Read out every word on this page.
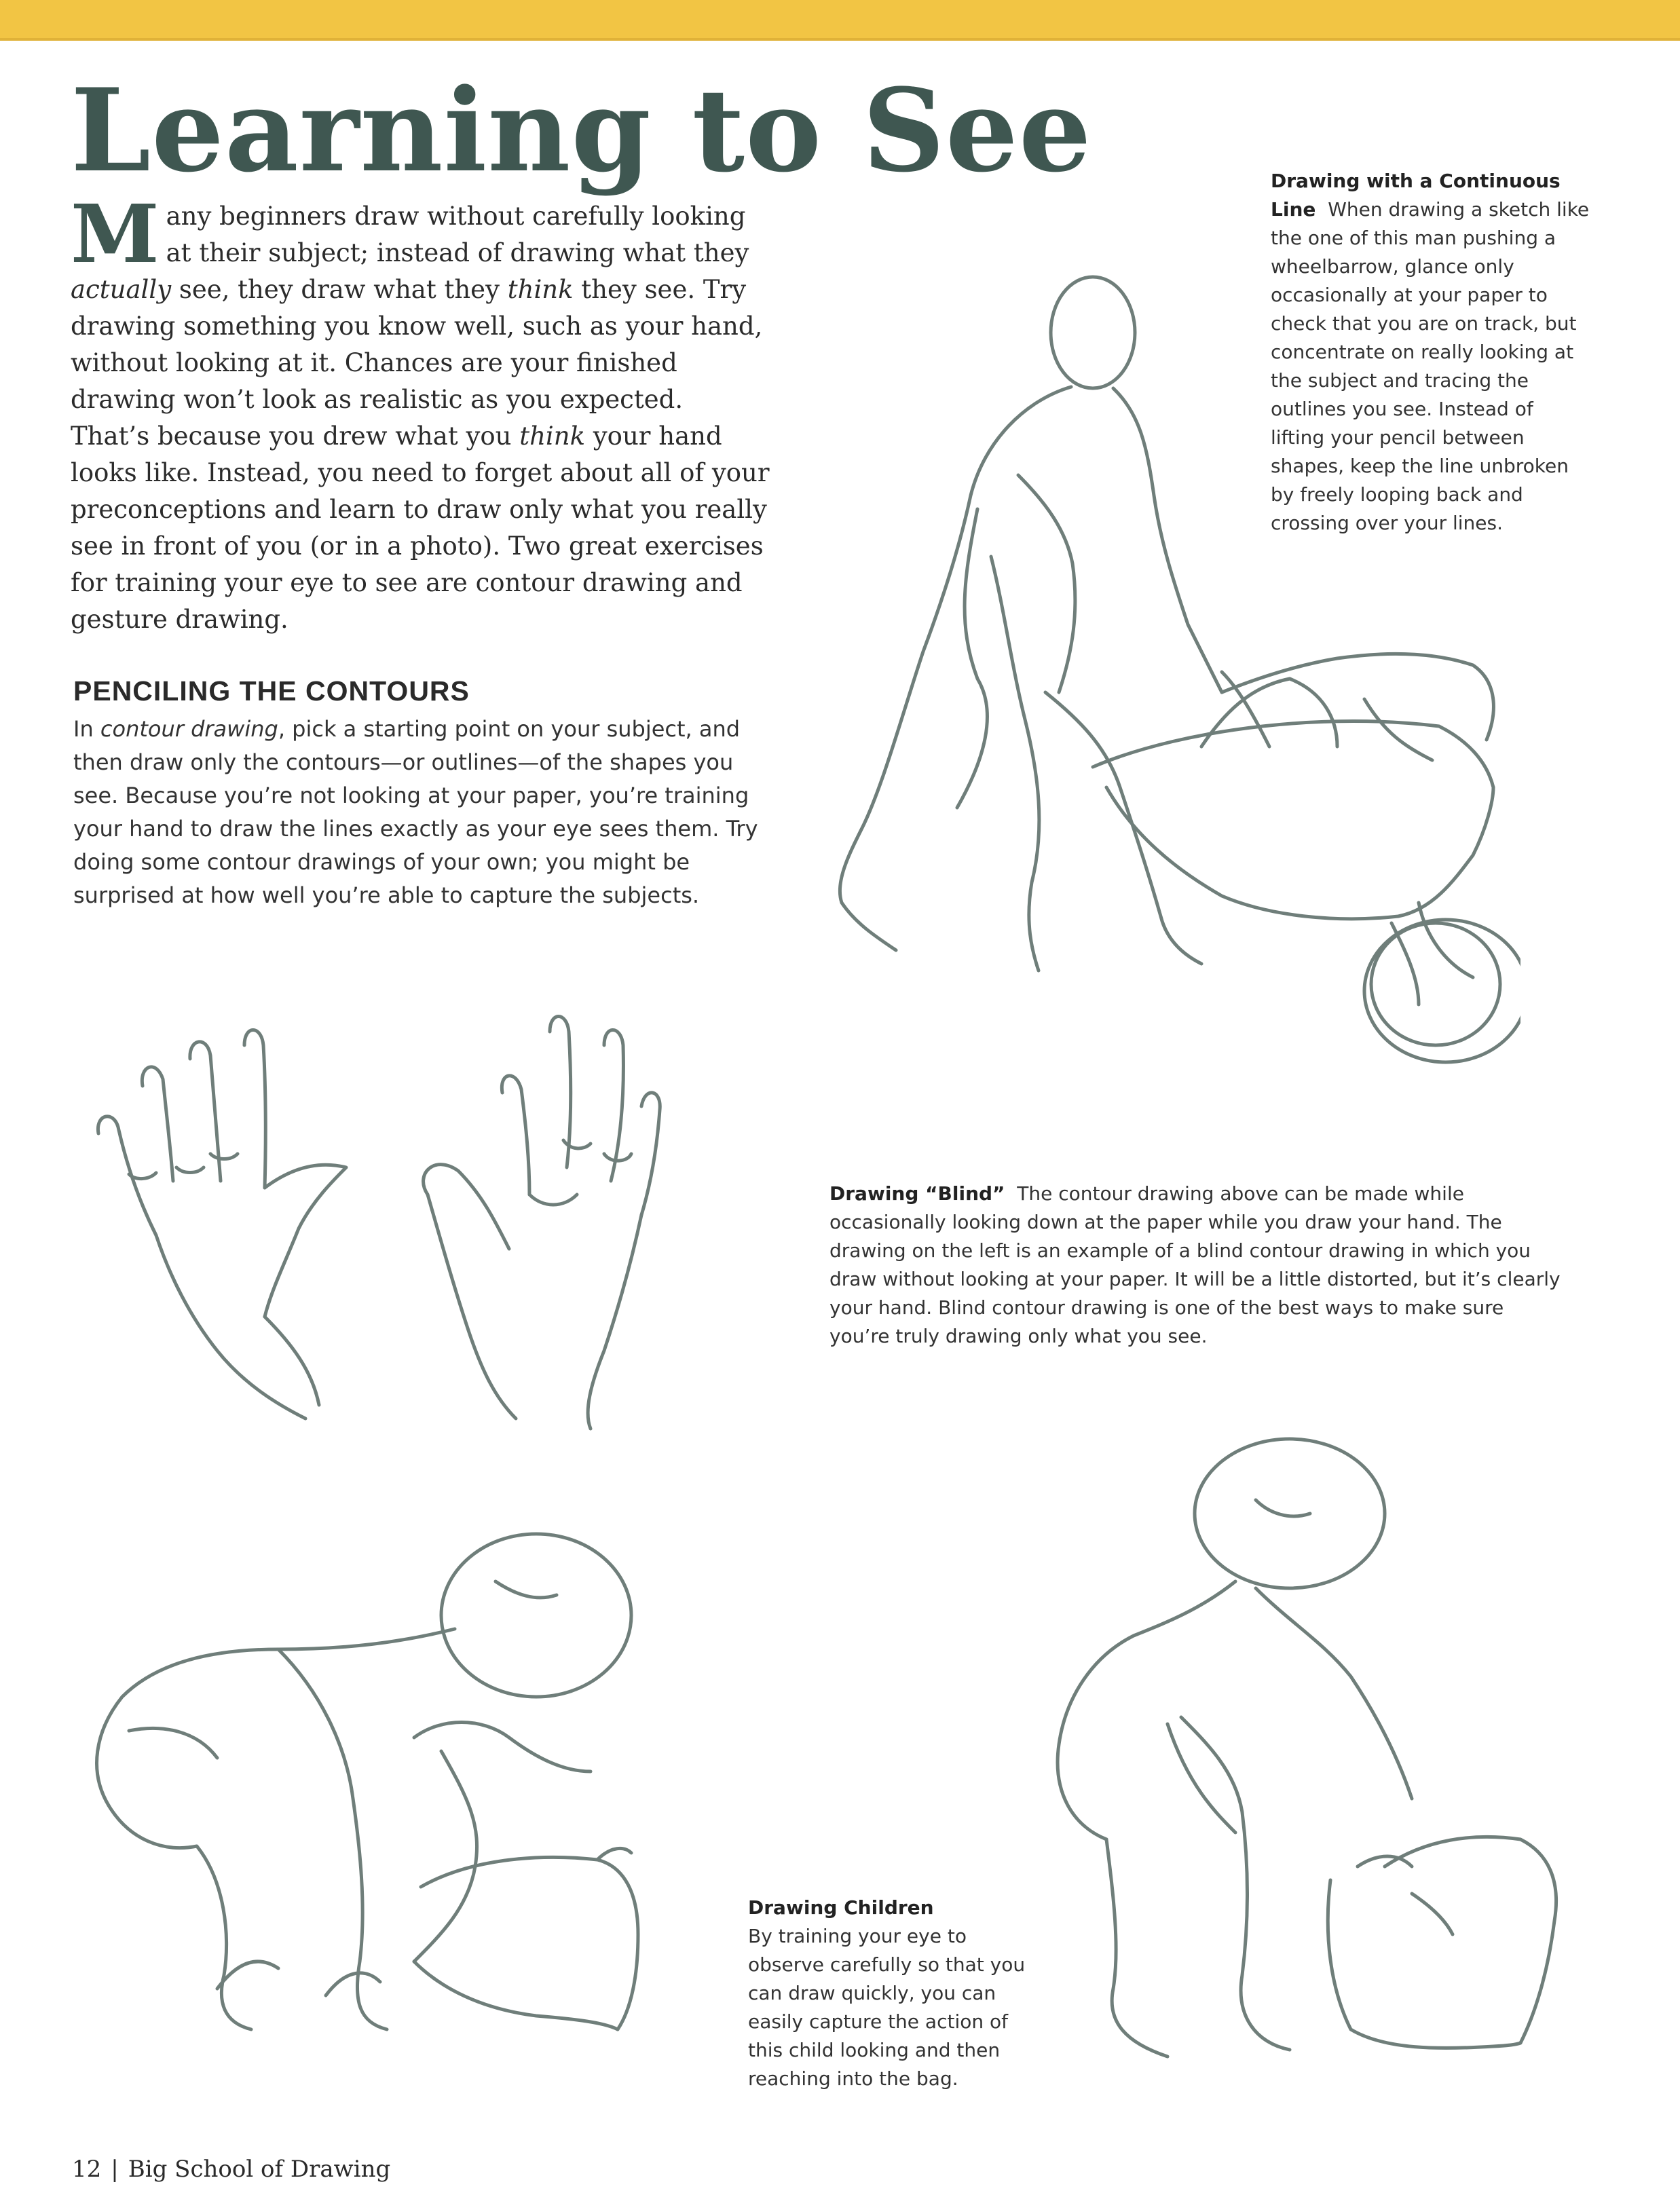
Learning to See

Many beginners draw without carefully looking at their subject; instead of drawing what they actually see, they draw what they think they see. Try drawing something you know well, such as your hand, without looking at it. Chances are your finished drawing won’t look as realistic as you expected. That’s because you drew what you think your hand looks like. Instead, you need to forget about all of your preconceptions and learn to draw only what you really see in front of you (or in a photo). Two great exercises for training your eye to see are contour drawing and gesture drawing.

PENCILING THE CONTOURS

In contour drawing, pick a starting point on your subject, and then draw only the contours—or outlines—of the shapes you see. Because you’re not looking at your paper, you’re training your hand to draw the lines exactly as your eye sees them. Try doing some contour drawings of your own; you might be surprised at how well you’re able to capture the subjects.

Drawing with a Continuous Line When drawing a sketch like the one of this man pushing a wheelbarrow, glance only occasionally at your paper to check that you are on track, but concentrate on really looking at the subject and tracing the outlines you see. Instead of lifting your pencil between shapes, keep the line unbroken by freely looping back and crossing over your lines.

Drawing “Blind” The contour drawing above can be made while occasionally looking down at the paper while you draw your hand. The drawing on the left is an example of a blind contour drawing in which you draw without looking at your paper. It will be a little distorted, but it’s clearly your hand. Blind contour drawing is one of the best ways to make sure you’re truly drawing only what you see.

Drawing Children
By training your eye to observe carefully so that you can draw quickly, you can easily capture the action of this child looking and then reaching into the bag.

12 | Big School of Drawing
